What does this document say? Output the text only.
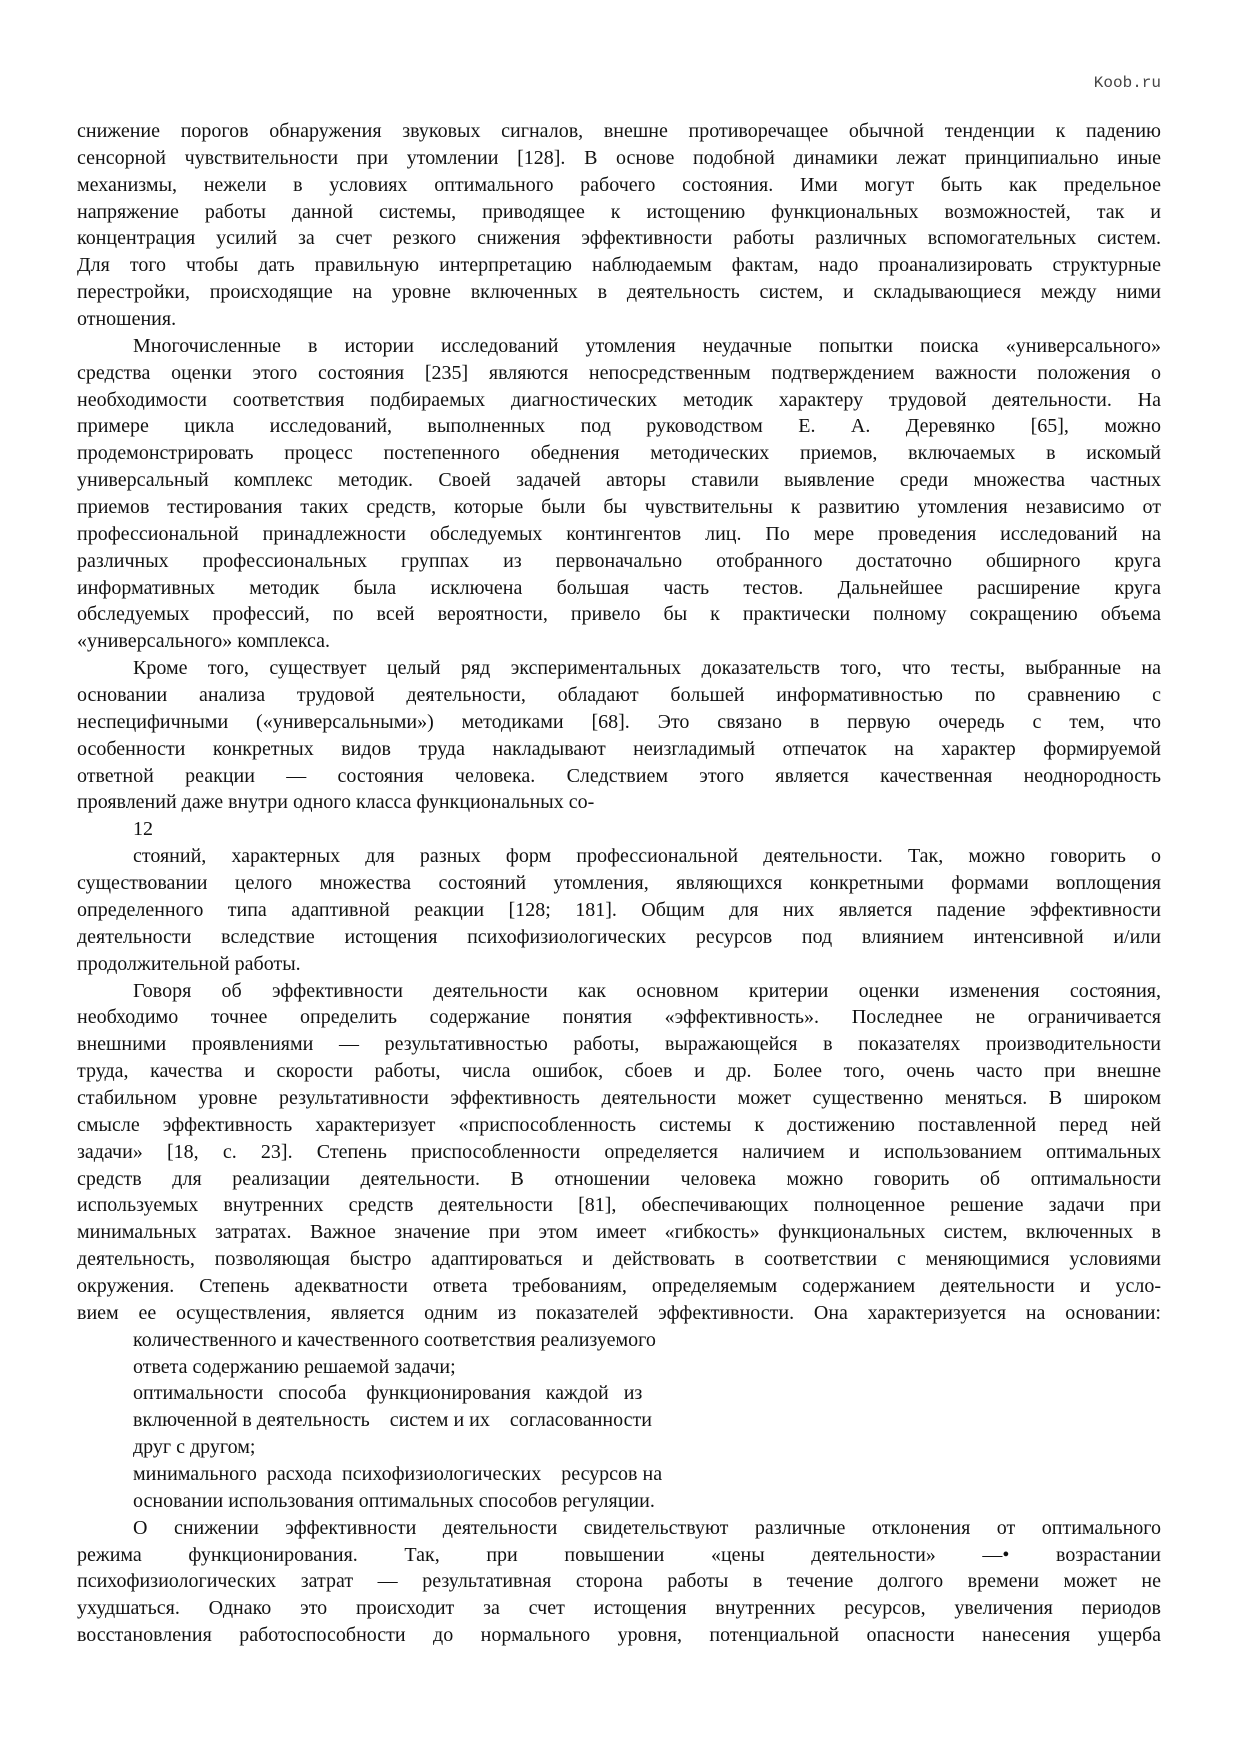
Koob.ru
снижение порогов обнаружения звуковых сигналов, внешне противоречащее обычной тенденции к падению
сенсорной чувствительности при утомлении [128]. В основе подобной динамики лежат принципиально иные
механизмы, нежели в условиях оптимального рабочего состояния. Ими могут быть как предельное
напряжение работы данной системы, приводящее к истощению функциональных возможностей, так и
концентрация усилий за счет резкого снижения эффективности работы различных вспомогательных систем.
Для того чтобы дать правильную интерпретацию наблюдаемым фактам, надо проанализировать структурные
перестройки, происходящие на уровне включенных в деятельность систем, и складывающиеся между ними
отношения.
Многочисленные в истории исследований утомления неудачные попытки поиска «универсального»
средства оценки этого состояния [235] являются непосредственным подтверждением важности положения о
необходимости соответствия подбираемых диагностических методик характеру трудовой деятельности. На
примере цикла исследований, выполненных под руководством Е. А. Деревянко [65], можно
продемонстрировать процесс постепенного обеднения методических приемов, включаемых в искомый
универсальный комплекс методик. Своей задачей авторы ставили выявление среди множества частных
приемов тестирования таких средств, которые были бы чувствительны к развитию утомления независимо от
профессиональной принадлежности обследуемых контингентов лиц. По мере проведения исследований на
различных профессиональных группах из первоначально отобранного достаточно обширного круга
информативных методик была исключена большая часть тестов. Дальнейшее расширение круга
обследуемых профессий, по всей вероятности, привело бы к практически полному сокращению объема
«универсального» комплекса.
Кроме того, существует целый ряд экспериментальных доказательств того, что тесты, выбранные на
основании анализа трудовой деятельности, обладают большей информативностью по сравнению с
неспецифичными («универсальными») методиками [68]. Это связано в первую очередь с тем, что
особенности конкретных видов труда накладывают неизгладимый отпечаток на характер формируемой
ответной реакции — состояния человека. Следствием этого является качественная неоднородность
проявлений даже внутри одного класса функциональных со-
12
стояний, характерных для разных форм профессиональной деятельности. Так, можно говорить о
существовании целого множества состояний утомления, являющихся конкретными формами воплощения
определенного типа адаптивной реакции [128; 181]. Общим для них является падение эффективности
деятельности вследствие истощения психофизиологических ресурсов под влиянием интенсивной и/или
продолжительной работы.
Говоря об эффективности деятельности как основном критерии оценки изменения состояния,
необходимо точнее определить содержание понятия «эффективность». Последнее не ограничивается
внешними проявлениями — результативностью работы, выражающейся в показателях производительности
труда, качества и скорости работы, числа ошибок, сбоев и др. Более того, очень часто при внешне
стабильном уровне результативности эффективность деятельности может существенно меняться. В широком
смысле эффективность характеризует «приспособленность системы к достижению поставленной перед ней
задачи» [18, с. 23]. Степень приспособленности определяется наличием и использованием оптимальных
средств для реализации деятельности. В отношении человека можно говорить об оптимальности
используемых внутренних средств деятельности [81], обеспечивающих полноценное решение задачи при
минимальных затратах. Важное значение при этом имеет «гибкость» функциональных систем, включенных в
деятельность, позволяющая быстро адаптироваться и действовать в соответствии с меняющимися условиями
окружения. Степень адекватности ответа требованиям, определяемым содержанием деятельности и усло-
вием ее осуществления, является одним из показателей эффективности. Она характеризуется на основании:
количественного и качественного соответствия реализуемого
ответа содержанию решаемой задачи;
оптимальности   способа    функционирования   каждой   из
включенной в деятельность    систем и их    согласованности
друг с другом;
минимального  расхода  психофизиологических    ресурсов на
основании использования оптимальных способов регуляции.
О снижении эффективности деятельности свидетельствуют различные отклонения от оптимального
режима функционирования. Так, при повышении «цены деятельности» —• возрастании
психофизиологических затрат — результативная сторона работы в течение долгого времени может не
ухудшаться. Однако это происходит за счет истощения внутренних ресурсов, увеличения периодов
восстановления работоспособности до нормального уровня, потенциальной опасности нанесения ущерба
